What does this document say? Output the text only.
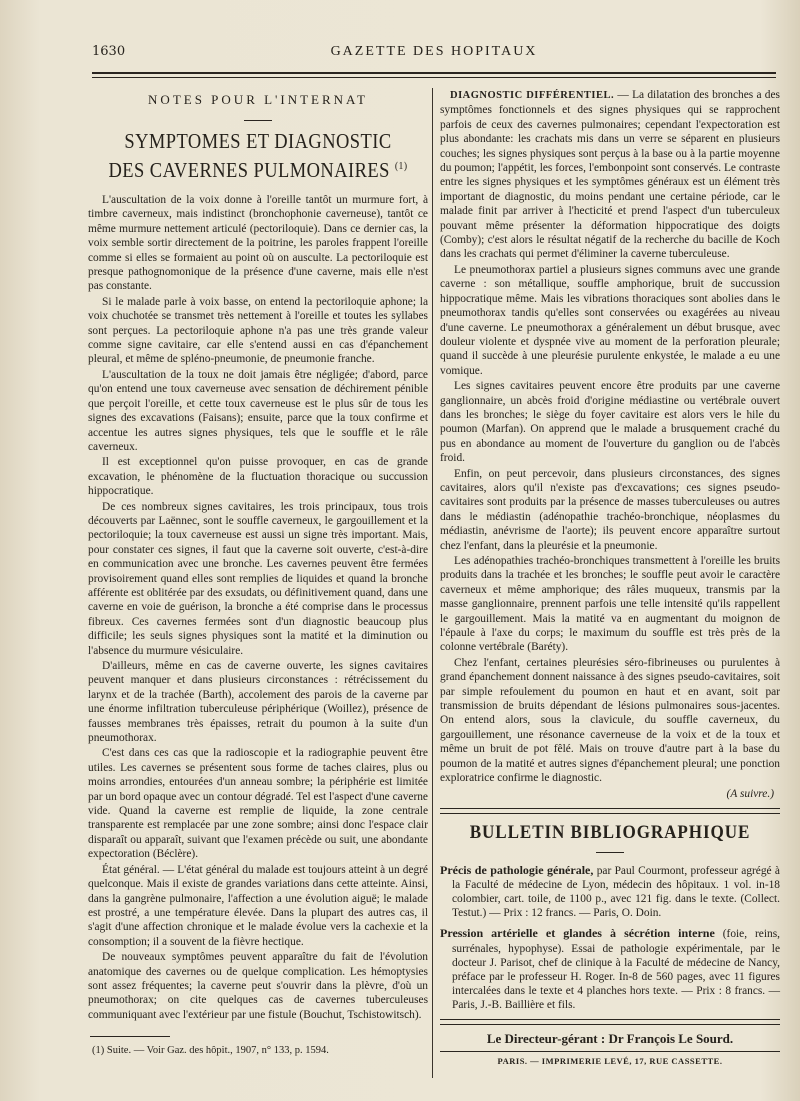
1630	GAZETTE DES HOPITAUX
NOTES POUR L'INTERNAT
SYMPTOMES ET DIAGNOSTIC DES CAVERNES PULMONAIRES $^{(1)}$

L'auscultation de la voix donne à l'oreille tantôt un murmure fort, à timbre caverneux, mais indistinct (bronchophonie caverneuse), tantôt ce même murmure nettement articulé (pectoriloquie). Dans ce dernier cas, la voix semble sortir directement de la poitrine, les paroles frappent l'oreille comme si elles se formaient au point où on ausculte. La pectoriloquie est presque pathognomonique de la présence d'une caverne, mais elle n'est pas constante.

Si le malade parle à voix basse, on entend la pectoriloquie aphone; la voix chuchotée se transmet très nettement à l'oreille et toutes les syllabes sont perçues. La pectoriloquie aphone n'a pas une très grande valeur comme signe cavitaire, car elle s'entend aussi en cas d'épanchement pleural, et même de spléno-pneumonie, de pneumonie franche.

L'auscultation de la toux ne doit jamais être négligée; d'abord, parce qu'on entend une toux caverneuse avec sensation de déchirement pénible que perçoit l'oreille, et cette toux caverneuse est le plus sûr de tous les signes des excavations (Faisans); ensuite, parce que la toux confirme et accentue les autres signes physiques, tels que le souffle et le râle caverneux.

Il est exceptionnel qu'on puisse provoquer, en cas de grande excavation, le phénomène de la fluctuation thoracique ou succussion hippocratique.

De ces nombreux signes cavitaires, les trois principaux, tous trois découverts par Laënnec, sont le souffle caverneux, le gargouillement et la pectoriloquie; la toux caverneuse est aussi un signe très important. Mais, pour constater ces signes, il faut que la caverne soit ouverte, c'est-à-dire en communication avec une bronche. Les cavernes peuvent être fermées provisoirement quand elles sont remplies de liquides et quand la bronche afférente est oblitérée par des exsudats, ou définitivement quand, dans une caverne en voie de guérison, la bronche a été comprise dans le processus fibreux. Ces cavernes fermées sont d'un diagnostic beaucoup plus difficile; les seuls signes physiques sont la matité et la diminution ou l'absence du murmure vésiculaire.

D'ailleurs, même en cas de caverne ouverte, les signes cavitaires peuvent manquer et dans plusieurs circonstances : rétrécissement du larynx et de la trachée (Barth), accolement des parois de la caverne par une énorme infiltration tuberculeuse périphérique (Woillez), présence de fausses membranes très épaisses, retrait du poumon à la suite d'un pneumothorax.

C'est dans ces cas que la radioscopie et la radiographie peuvent être utiles. Les cavernes se présentent sous forme de taches claires, plus ou moins arrondies, entourées d'un anneau sombre; la périphérie est limitée par un bord opaque avec un contour dégradé. Tel est l'aspect d'une caverne vide. Quand la caverne est remplie de liquide, la zone centrale transparente est remplacée par une zone sombre; ainsi donc l'espace clair disparaît ou apparaît, suivant que l'examen précède ou suit, une abondante expectoration (Béclère).

État général. — L'état général du malade est toujours atteint à un degré quelconque. Mais il existe de grandes variations dans cette atteinte. Ainsi, dans la gangrène pulmonaire, l'affection a une évolution aiguë; le malade est prostré, a une température élevée. Dans la plupart des autres cas, il s'agit d'une affection chronique et le malade évolue vers la cachexie et la consomption; il a souvent de la fièvre hectique.

De nouveaux symptômes peuvent apparaître du fait de l'évolution anatomique des cavernes ou de quelque complication. Les hémoptysies sont assez fréquentes; la caverne peut s'ouvrir dans la plèvre, d'où un pneumothorax; on cite quelques cas de cavernes tuberculeuses communiquant avec l'extérieur par une fistule (Bouchut, Tschistowitsch).

(1) Suite. — Voir Gaz. des hôpit., 1907, n° 133, p. 1594.

DIAGNOSTIC DIFFÉRENTIEL. — La dilatation des bronches a des symptômes fonctionnels et des signes physiques qui se rapprochent parfois de ceux des cavernes pulmonaires; cependant l'expectoration est plus abondante: les crachats mis dans un verre se séparent en plusieurs couches; les signes physiques sont perçus à la base ou à la partie moyenne du poumon; l'appétit, les forces, l'embonpoint sont conservés. Le contraste entre les signes physiques et les symptômes généraux est un élément très important de diagnostic, du moins pendant une certaine période, car le malade finit par arriver à l'hecticité et prend l'aspect d'un tuberculeux pouvant même présenter la déformation hippocratique des doigts (Comby); c'est alors le résultat négatif de la recherche du bacille de Koch dans les crachats qui permet d'éliminer la caverne tuberculeuse.

Le pneumothorax partiel a plusieurs signes communs avec une grande caverne : son métallique, souffle amphorique, bruit de succussion hippocratique même. Mais les vibrations thoraciques sont abolies dans le pneumothorax tandis qu'elles sont conservées ou exagérées au niveau d'une caverne. Le pneumothorax a généralement un début brusque, avec douleur violente et dyspnée vive au moment de la perforation pleurale; quand il succède à une pleurésie purulente enkystée, le malade a eu une vomique.

Les signes cavitaires peuvent encore être produits par une caverne ganglionnaire, un abcès froid d'origine médiastine ou vertébrale ouvert dans les bronches; le siège du foyer cavitaire est alors vers le hile du poumon (Marfan). On apprend que le malade a brusquement craché du pus en abondance au moment de l'ouverture du ganglion ou de l'abcès froid.

Enfin, on peut percevoir, dans plusieurs circonstances, des signes cavitaires, alors qu'il n'existe pas d'excavations; ces signes pseudo-cavitaires sont produits par la présence de masses tuberculeuses ou autres dans le médiastin (adénopathie trachéo-bronchique, néoplasmes du médiastin, anévrisme de l'aorte); ils peuvent encore apparaître surtout chez l'enfant, dans la pleurésie et la pneumonie.

Les adénopathies trachéo-bronchiques transmettent à l'oreille les bruits produits dans la trachée et les bronches; le souffle peut avoir le caractère caverneux et même amphorique; des râles muqueux, transmis par la masse ganglionnaire, prennent parfois une telle intensité qu'ils rappellent le gargouillement. Mais la matité va en augmentant du moignon de l'épaule à l'axe du corps; le maximum du souffle est très près de la colonne vertébrale (Baréty).

Chez l'enfant, certaines pleurésies séro-fibrineuses ou purulentes à grand épanchement donnent naissance à des signes pseudo-cavitaires, soit par simple refoulement du poumon en haut et en avant, soit par transmission de bruits dépendant de lésions pulmonaires sous-jacentes. On entend alors, sous la clavicule, du souffle caverneux, du gargouillement, une résonance caverneuse de la voix et de la toux et même un bruit de pot fêlé. Mais on trouve d'autre part à la base du poumon de la matité et autres signes d'épanchement pleural; une ponction exploratrice confirme le diagnostic.

(A suivre.)
BULLETIN BIBLIOGRAPHIQUE

Précis de pathologie générale, par Paul Courmont, professeur agrégé à la Faculté de médecine de Lyon, médecin des hôpitaux. 1 vol. in-18 colombier, cart. toile, de 1100 p., avec 121 fig. dans le texte. (Collect. Testut.) — Prix : 12 francs. — Paris, O. Doin.

Pression artérielle et glandes à sécrétion interne (foie, reins, surrénales, hypophyse). Essai de pathologie expérimentale, par le docteur J. Parisot, chef de clinique à la Faculté de médecine de Nancy, préface par le professeur H. Roger. In-8 de 560 pages, avec 11 figures intercalées dans le texte et 4 planches hors texte. — Prix : 8 francs. — Paris, J.-B. Baillière et fils.

Le Directeur-gérant : Dr François Le Sourd.
PARIS. — IMPRIMERIE LEVÉ, 17, RUE CASSETTE.
